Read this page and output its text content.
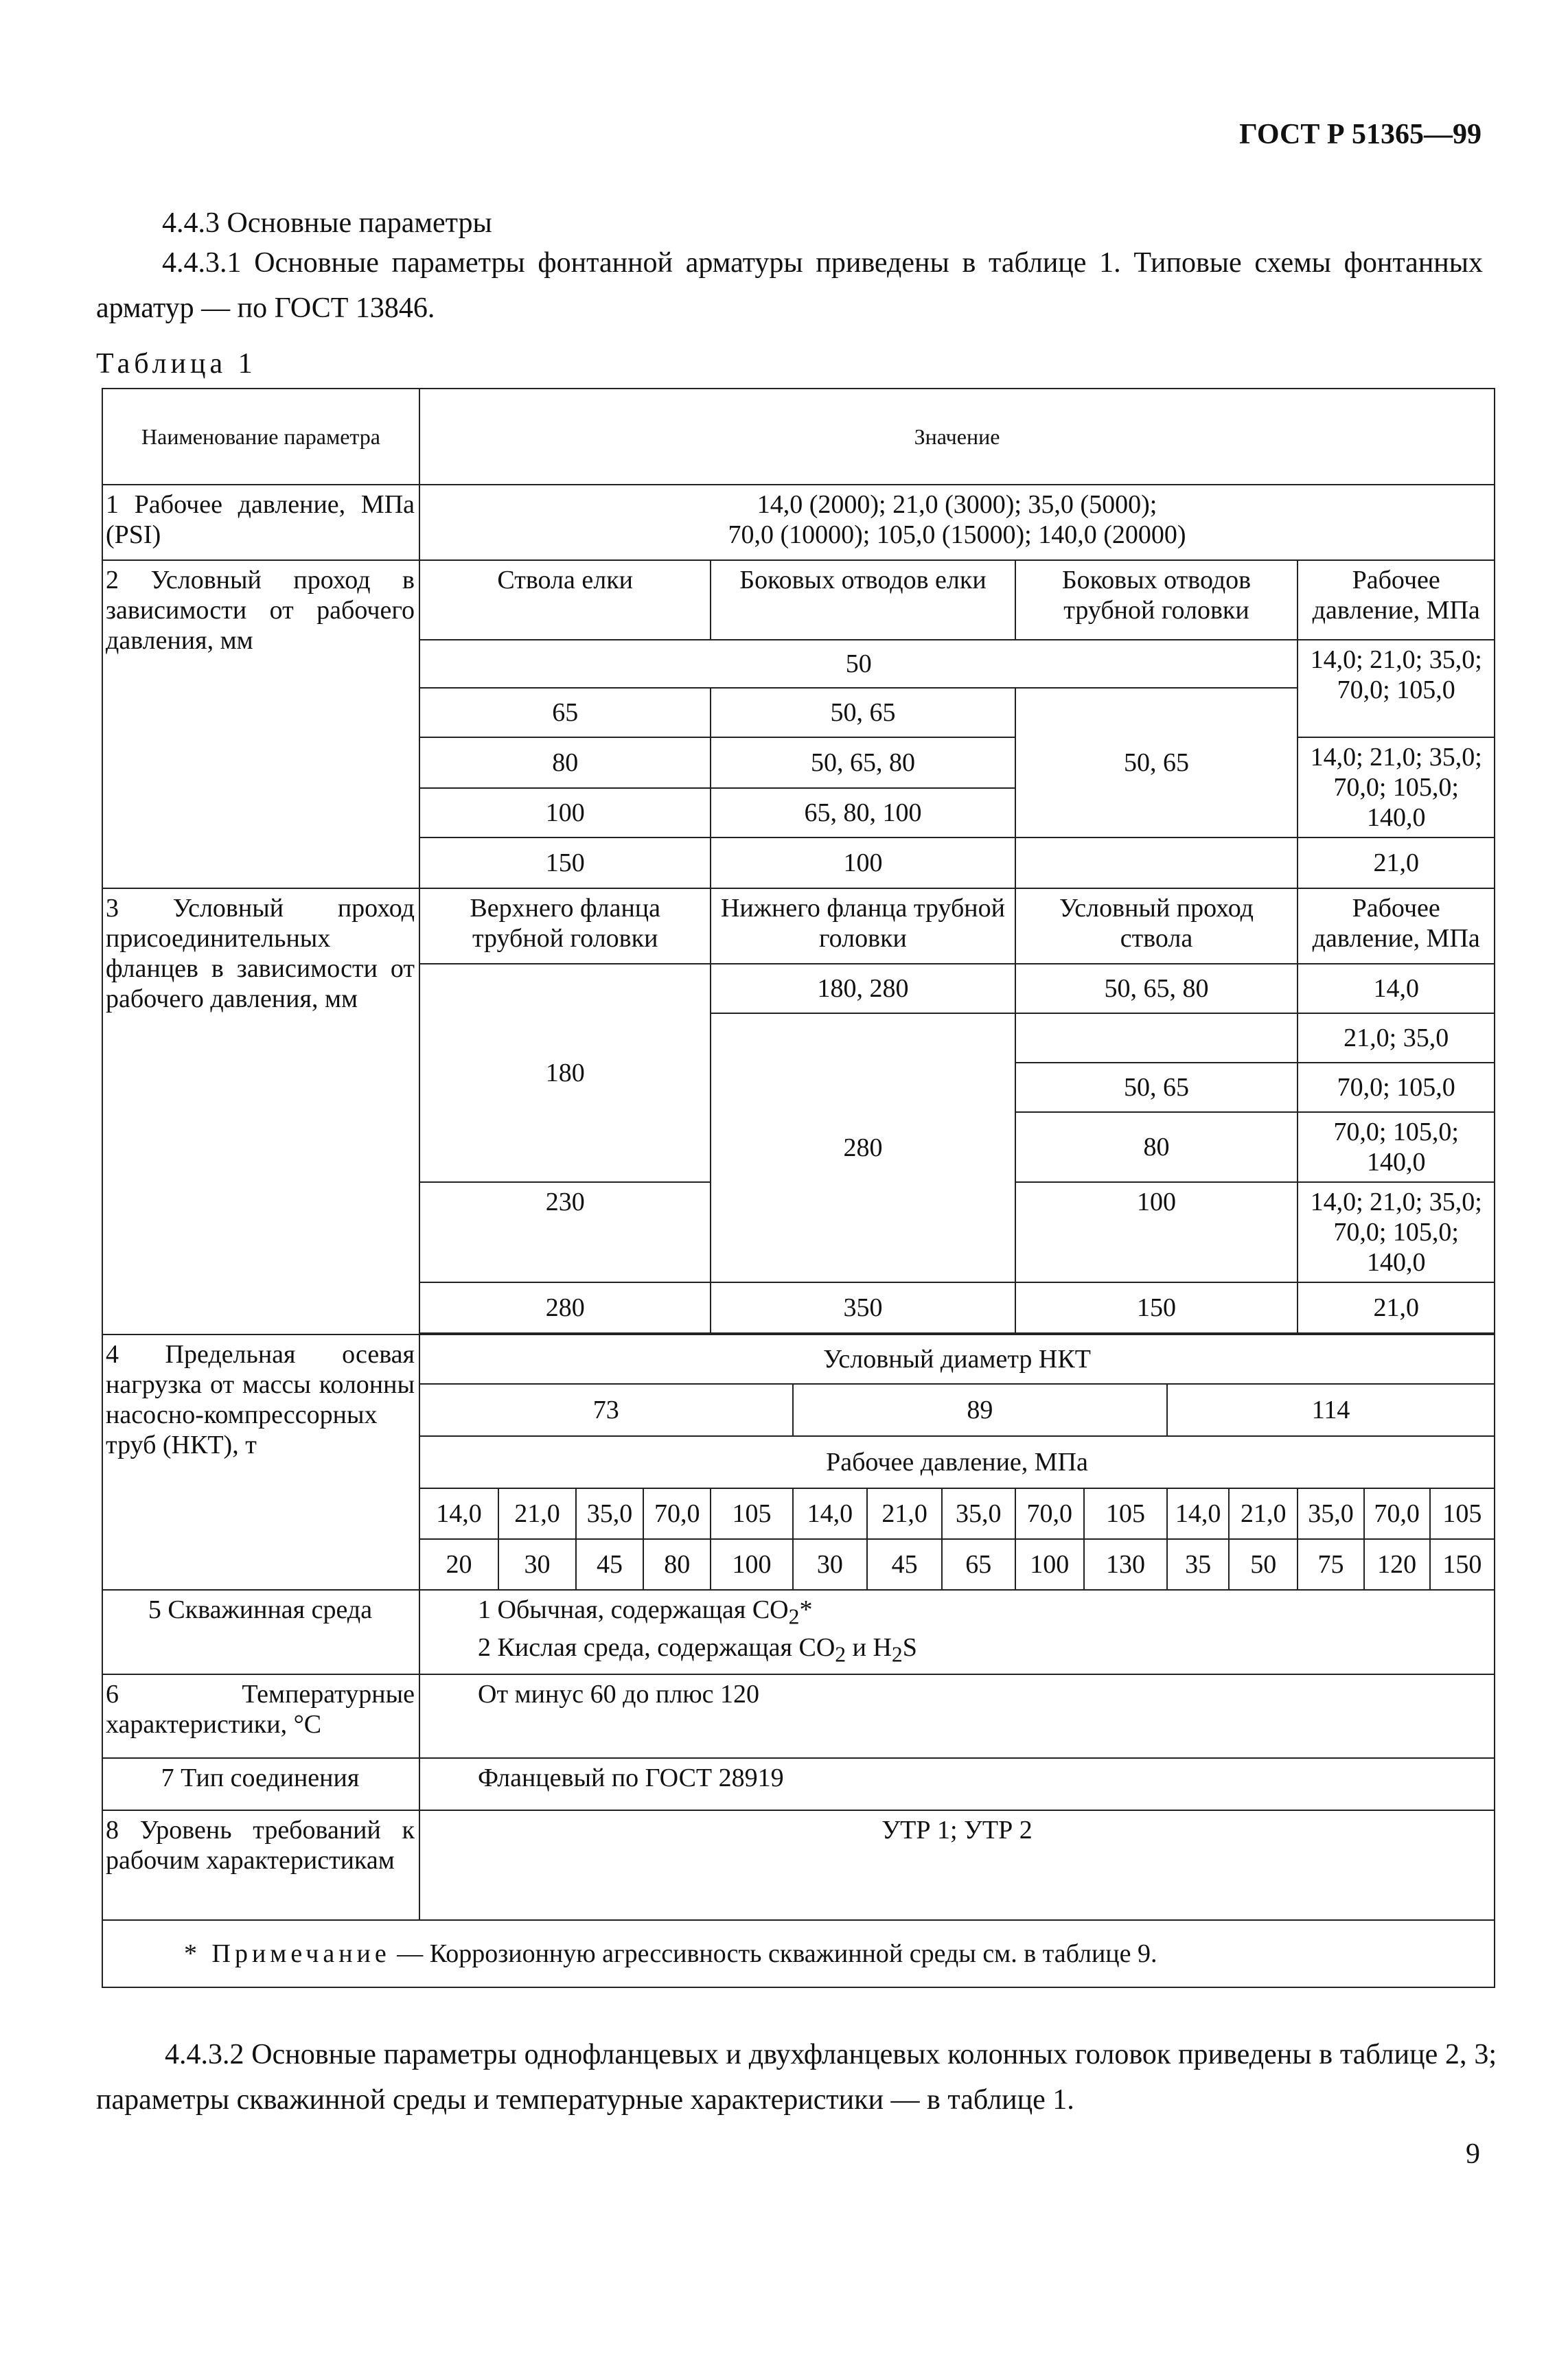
ГОСТ Р 51365—99
4.4.3 Основные параметры
4.4.3.1 Основные параметры фонтанной арматуры приведены в таблице 1. Типовые схемы фонтанных арматур — по ГОСТ 13846.
Таблица 1
Наименование параметра	Значение														
1 Рабочее давление, МПа (PSI)	14,0 (2000); 21,0 (3000); 35,0 (5000);
70,0 (10000); 105,0 (15000); 140,0 (20000)														

2 Условный проход в зависимости от рабочего давления, мм	Ствола елки				Боковых отводов елки				Боковых отводов трубной головки				Рабочее давление, МПа		
	50												14,0; 21,0; 35,0; 70,0; 105,0		
	65				50, 65				50, 65						
	80				50, 65, 80								14,0; 21,0; 35,0; 70,0; 105,0; 140,0		
	100				65, 80, 100										
	150				100								21,0		
3 Условный проход присоединительных фланцев в зависимости от рабочего давления, мм	Верхнего фланца трубной головки				Нижнего фланца трубной головки				Условный проход ствола				Рабочее давление, МПа		
	180				180, 280				50, 65, 80				14,0		
					280								21,0; 35,0		
									50, 65				70,0; 105,0		
									80				70,0; 105,0; 140,0		
	230								100				14,0; 21,0; 35,0; 70,0; 105,0; 140,0		
	280				350				150				21,0		

4 Предельная осевая нагрузка от массы колонны насосно-компрессорных труб (НКТ), т	Условный диаметр НКТ														
	73					89					114				
	Рабочее давление, МПа														
	14,0	21,0	35,0	70,0	105	14,0	21,0	35,0	70,0	105	14,0	21,0	35,0	70,0	105
	20	30	45	80	100	30	45	65	100	130	35	50	75	120	150
5 Скважинная среда	1 Обычная, содержащая $CO_2*$
2 Кислая среда, содержащая $CO_2$ и $H_2S$														

6 Температурные характеристики, °С	От минус 60 до плюс 120														
7 Тип соединения	Фланцевый по ГОСТ 28919														
8 Уровень требований к рабочим характеристикам	УТР 1; УТР 2														
* Примечание — Коррозионную агрессивность скважинной среды см. в таблице 9.															
4.4.3.2 Основные параметры однофланцевых и двухфланцевых колонных головок приведены в таблице 2, 3; параметры скважинной среды и температурные характеристики — в таблице 1.
9
